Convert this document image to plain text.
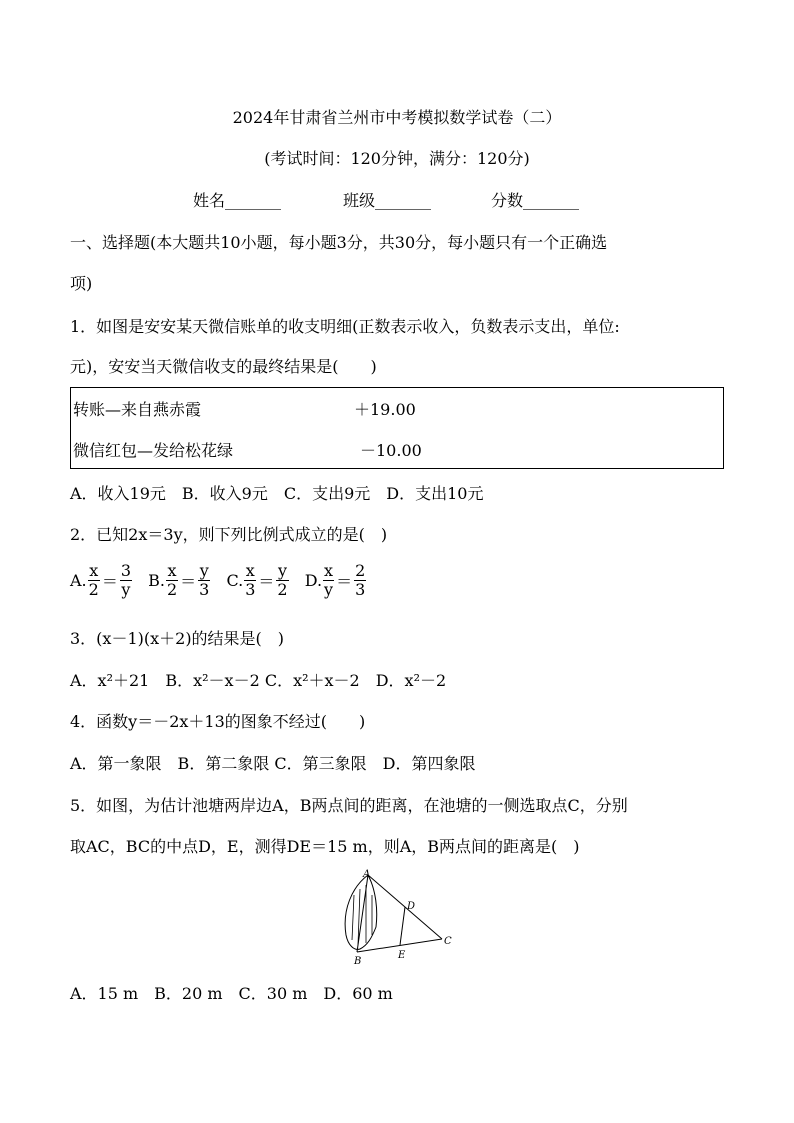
2024年甘肃省兰州市中考模拟数学试卷（二）
(考试时间：120分钟，满分：120分)
姓名_______	班级_______	分数_______
一、选择题(本大题共10小题，每小题3分，共30分，每小题只有一个正确选
项)
1．如图是安安某天微信账单的收支明细(正数表示收入，负数表示支出，单位:
元)，安安当天微信收支的最终结果是(　　)
转账—来自燕赤霞	＋19.00
微信红包—发给松花绿	－10.00
A．收入19元　B．收入9元　C．支出9元　D．支出10元
2．已知2x＝3y，则下列比例式成立的是(　)
A. $\frac{x}{2} = \frac{3}{y} B$. $\frac{x}{2} = \frac{y}{3} C$. $\frac{x}{3} = \frac{y}{2} D$. $\frac{x}{y} = \frac{2}{3}$
3．(x－1)(x＋2)的结果是(　)
A．x²＋21　B．x²－x－2 C．x²＋x－2　D．x²－2
4．函数y＝－2x＋13的图象不经过(　　)
A．第一象限　B．第二象限 C．第三象限　D．第四象限
5．如图，为估计池塘两岸边A，B两点间的距离，在池塘的一侧选取点C，分别
取AC，BC的中点D，E，测得DE＝15 m，则A，B两点间的距离是(　)
A
B
C
D
E
A．15 m　B．20 m　C．30 m　D．60 m
